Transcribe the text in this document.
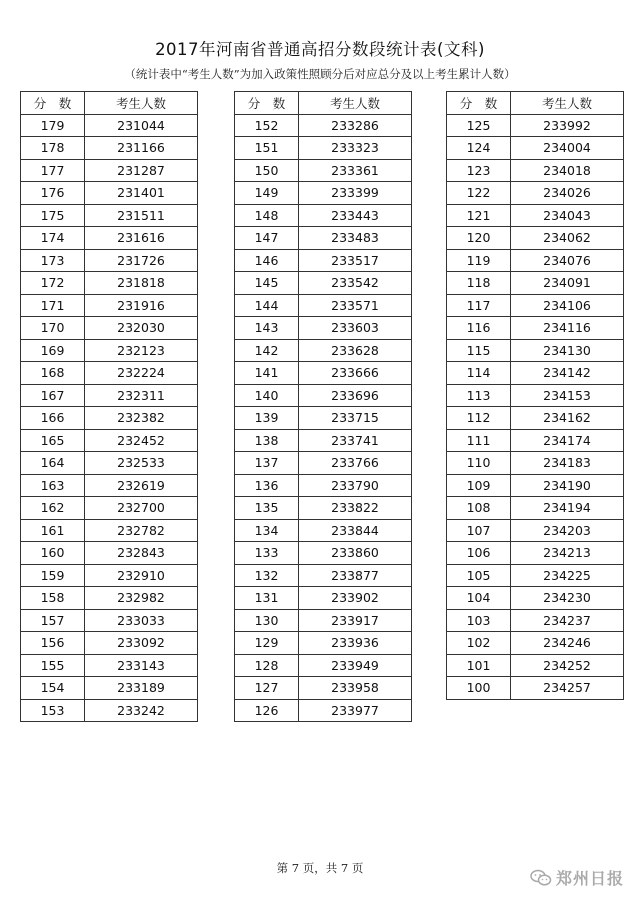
2017年河南省普通高招分数段统计表(文科)
（统计表中“考生人数”为加入政策性照顾分后对应总分及以上考生累计人数）
分　数	考生人数
179	231044
178	231166
177	231287
176	231401
175	231511
174	231616
173	231726
172	231818
171	231916
170	232030
169	232123
168	232224
167	232311
166	232382
165	232452
164	232533
163	232619
162	232700
161	232782
160	232843
159	232910
158	232982
157	233033
156	233092
155	233143
154	233189
153	233242
分　数	考生人数
152	233286
151	233323
150	233361
149	233399
148	233443
147	233483
146	233517
145	233542
144	233571
143	233603
142	233628
141	233666
140	233696
139	233715
138	233741
137	233766
136	233790
135	233822
134	233844
133	233860
132	233877
131	233902
130	233917
129	233936
128	233949
127	233958
126	233977
分　数	考生人数
125	233992
124	234004
123	234018
122	234026
121	234043
120	234062
119	234076
118	234091
117	234106
116	234116
115	234130
114	234142
113	234153
112	234162
111	234174
110	234183
109	234190
108	234194
107	234203
106	234213
105	234225
104	234230
103	234237
102	234246
101	234252
100	234257
第 7 页，共 7 页
郑州日报
